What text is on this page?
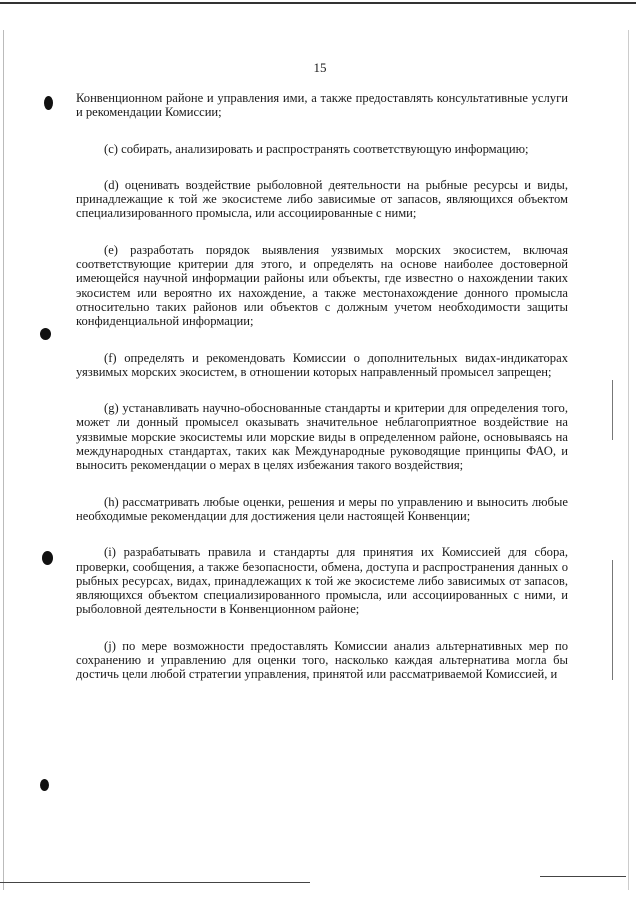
15

Конвенционном районе и управления ими, а также предоставлять консультативные услуги и рекомендации Комиссии;

(c) собирать, анализировать и распространять соответствующую информацию;

(d) оценивать воздействие рыболовной деятельности на рыбные ресурсы и виды, принадлежащие к той же экосистеме либо зависимые от запасов, являющихся объектом специализированного промысла, или ассоциированные с ними;

(e) разработать порядок выявления уязвимых морских экосистем, включая соответствующие критерии для этого, и определять на основе наиболее достоверной имеющейся научной информации районы или объекты, где известно о нахождении таких экосистем или вероятно их нахождение, а также местонахождение донного промысла относительно таких районов или объектов с должным учетом необходимости защиты конфиденциальной информации;

(f) определять и рекомендовать Комиссии о дополнительных видах-индикаторах уязвимых морских экосистем, в отношении которых направленный промысел запрещен;

(g) устанавливать научно-обоснованные стандарты и критерии для определения того, может ли донный промысел оказывать значительное неблагоприятное воздействие на уязвимые морские экосистемы или морские виды в определенном районе, основываясь на международных стандартах, таких как Международные руководящие принципы ФАО, и выносить рекомендации о мерах в целях избежания такого воздействия;

(h) рассматривать любые оценки, решения и меры по управлению и выносить любые необходимые рекомендации для достижения цели настоящей Конвенции;

(i) разрабатывать правила и стандарты для принятия их Комиссией для сбора, проверки, сообщения, а также безопасности, обмена, доступа и распространения данных о рыбных ресурсах, видах, принадлежащих к той же экосистеме либо зависимых от запасов, являющихся объектом специализированного промысла, или ассоциированных с ними, и рыболовной деятельности в Конвенционном районе;

(j) по мере возможности предоставлять Комиссии анализ альтернативных мер по сохранению и управлению для оценки того, насколько каждая альтернатива могла бы достичь цели любой стратегии управления, принятой или рассматриваемой Комиссией, и
